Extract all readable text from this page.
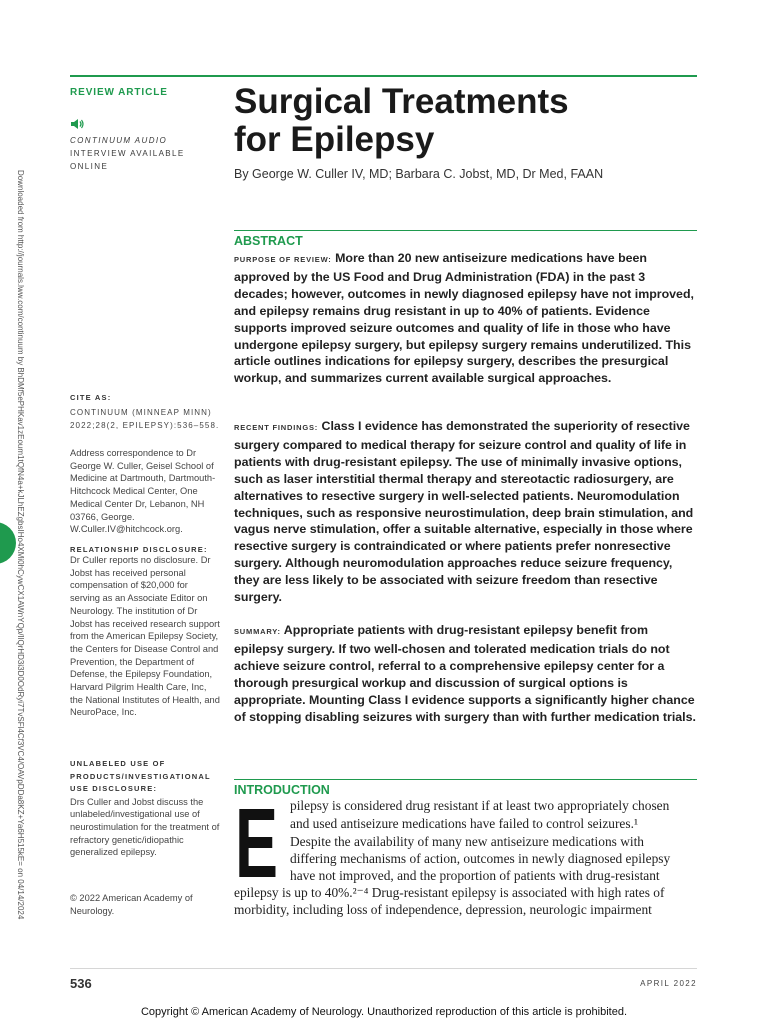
REVIEW ARTICLE
CONTINUUM AUDIO
INTERVIEW AVAILABLE
ONLINE
Surgical Treatments
for Epilepsy
By George W. Culler IV, MD; Barbara C. Jobst, MD, Dr Med, FAAN
ABSTRACT
PURPOSE OF REVIEW: More than 20 new antiseizure medications have been approved by the US Food and Drug Administration (FDA) in the past 3 decades; however, outcomes in newly diagnosed epilepsy have not improved, and epilepsy remains drug resistant in up to 40% of patients. Evidence supports improved seizure outcomes and quality of life in those who have undergone epilepsy surgery, but epilepsy surgery remains underutilized. This article outlines indications for epilepsy surgery, describes the presurgical workup, and summarizes current available surgical approaches.
RECENT FINDINGS: Class I evidence has demonstrated the superiority of resective surgery compared to medical therapy for seizure control and quality of life in patients with drug-resistant epilepsy. The use of minimally invasive options, such as laser interstitial thermal therapy and stereotactic radiosurgery, are alternatives to resective surgery in well-selected patients. Neuromodulation techniques, such as responsive neurostimulation, deep brain stimulation, and vagus nerve stimulation, offer a suitable alternative, especially in those where resective surgery is contraindicated or where patients prefer nonresective surgery. Although neuromodulation approaches reduce seizure frequency, they are less likely to be associated with seizure freedom than resective surgery.
SUMMARY: Appropriate patients with drug-resistant epilepsy benefit from epilepsy surgery. If two well-chosen and tolerated medication trials do not achieve seizure control, referral to a comprehensive epilepsy center for a thorough presurgical workup and discussion of surgical options is appropriate. Mounting Class I evidence supports a significantly higher chance of stopping disabling seizures with surgery than with further medication trials.
INTRODUCTION
E pilepsy is considered drug resistant if at least two appropriately chosen
and used antiseizure medications have failed to control seizures.¹
Despite the availability of many new antiseizure medications with
differing mechanisms of action, outcomes in newly diagnosed epilepsy
have not improved, and the proportion of patients with drug-resistant
epilepsy is up to 40%.²⁻⁴ Drug-resistant epilepsy is associated with high rates of
morbidity, including loss of independence, depression, neurologic impairment
CITE AS:
CONTINUUM (MINNEAP MINN) 2022;28(2, EPILEPSY):536–558.
Address correspondence to Dr George W. Culler, Geisel School of Medicine at Dartmouth, Dartmouth-Hitchcock Medical Center, One Medical Center Dr, Lebanon, NH 03766, George. W.Culler.IV@hitchcock.org.
RELATIONSHIP DISCLOSURE:
Dr Culler reports no disclosure. Dr Jobst has received personal compensation of $20,000 for serving as an Associate Editor on Neurology. The institution of Dr Jobst has received research support from the American Epilepsy Society, the Centers for Disease Control and Prevention, the Department of Defense, the Epilepsy Foundation, Harvard Pilgrim Health Care, Inc, the National Institutes of Health, and NeuroPace, Inc.
UNLABELED USE OF PRODUCTS/INVESTIGATIONAL USE DISCLOSURE:
Drs Culler and Jobst discuss the unlabeled/investigational use of neurostimulation for the treatment of refractory genetic/idiopathic generalized epilepsy.
© 2022 American Academy of Neurology.
Downloaded from http://journals.lww.com/continuum by BhDMf5ePHKav1zEoum1tQfN4a+kJLhEZgbsIHo4XMi0hCywCX1AWnYQp/IlQrHD3i3D0OdRyi7TvSFl4Cf3VC4/OAVpDDa8KZ+Ya6H515kE= on 04/14/2024
536	APRIL 2022
Copyright © American Academy of Neurology. Unauthorized reproduction of this article is prohibited.
